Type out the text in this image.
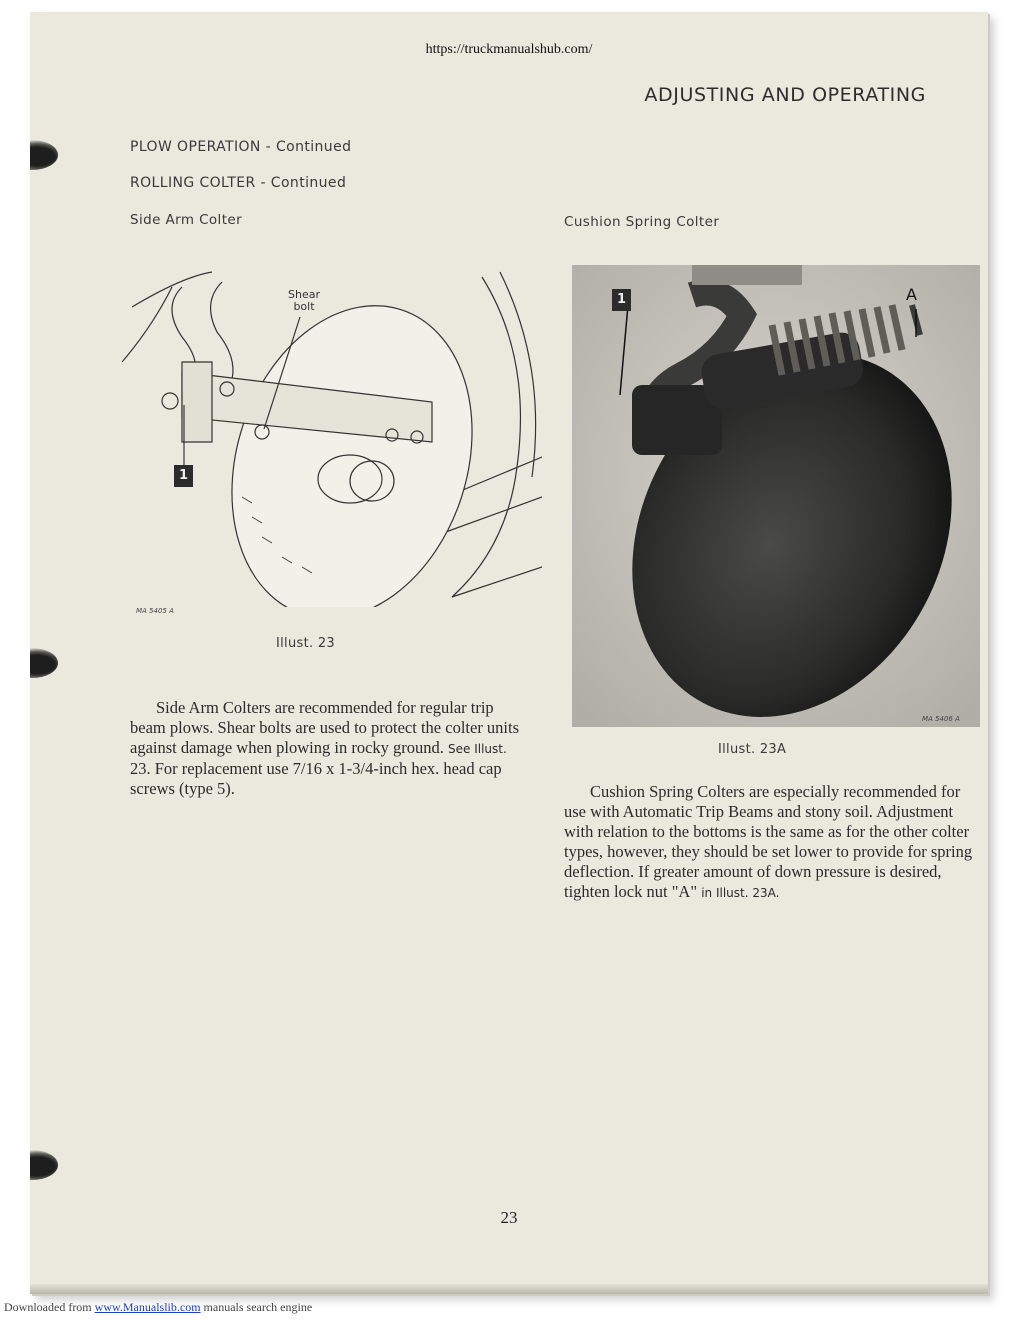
https://truckmanualshub.com/
ADJUSTING AND OPERATING
PLOW OPERATION - Continued
ROLLING COLTER - Continued
Side Arm Colter	Cushion Spring Colter
Shear
bolt
1
MA 5405 A
Illust. 23
1	A
MA 5406 A
Illust. 23A

Side Arm Colters are recommended for regular trip beam plows. Shear bolts are used to protect the colter units against damage when plowing in rocky ground. See Illust. 23. For replacement use 7/16 x 1-3/4-inch hex. head cap screws (type 5).	Cushion Spring Colters are especially recommended for use with Automatic Trip Beams and stony soil. Adjustment with relation to the bottoms is the same as for the other colter types, however, they should be set lower to provide for spring deflection. If greater amount of down pressure is desired, tighten lock nut "A" in Illust. 23A.

23
Downloaded from www.Manualslib.com manuals search engine
